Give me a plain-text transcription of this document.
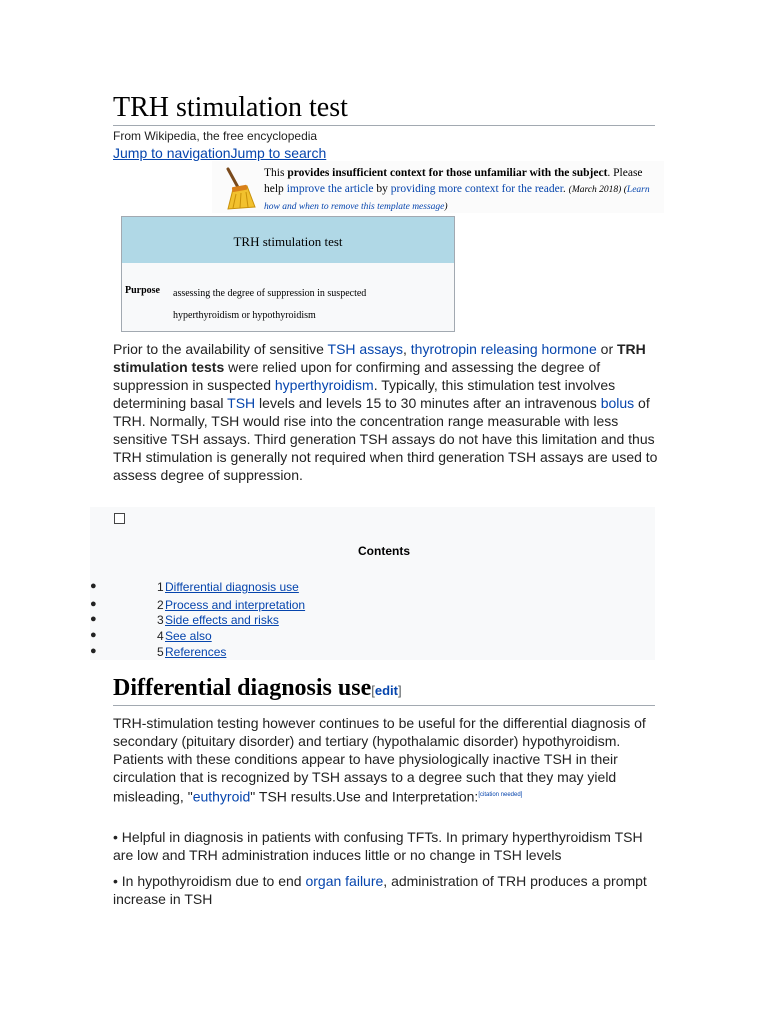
TRH stimulation test
From Wikipedia, the free encyclopedia
Jump to navigationJump to search
This provides insufficient context for those unfamiliar with the subject. Please help improve the article by providing more context for the reader. (March 2018) (Learn how and when to remove this template message)
TRH stimulation test
Purpose assessing the degree of suppression in suspected hyperthyroidism or hypothyroidism

Prior to the availability of sensitive TSH assays, thyrotropin releasing hormone or TRH stimulation tests were relied upon for confirming and assessing the degree of suppression in suspected hyperthyroidism. Typically, this stimulation test involves determining basal TSH levels and levels 15 to 30 minutes after an intravenous bolus of TRH. Normally, TSH would rise into the concentration range measurable with less sensitive TSH assays. Third generation TSH assays do not have this limitation and thus TRH stimulation is generally not required when third generation TSH assays are used to assess degree of suppression.

Contents
●	1 Differential diagnosis use
●	2 Process and interpretation
●	3 Side effects and risks
●	4 See also
●	5 References
Differential diagnosis use[edit]

TRH-stimulation testing however continues to be useful for the differential diagnosis of secondary (pituitary disorder) and tertiary (hypothalamic disorder) hypothyroidism. Patients with these conditions appear to have physiologically inactive TSH in their circulation that is recognized by TSH assays to a degree such that they may yield misleading, "euthyroid" TSH results.Use and Interpretation:[citation needed]

• Helpful in diagnosis in patients with confusing TFTs. In primary hyperthyroidism TSH are low and TRH administration induces little or no change in TSH levels

• In hypothyroidism due to end organ failure, administration of TRH produces a prompt increase in TSH
